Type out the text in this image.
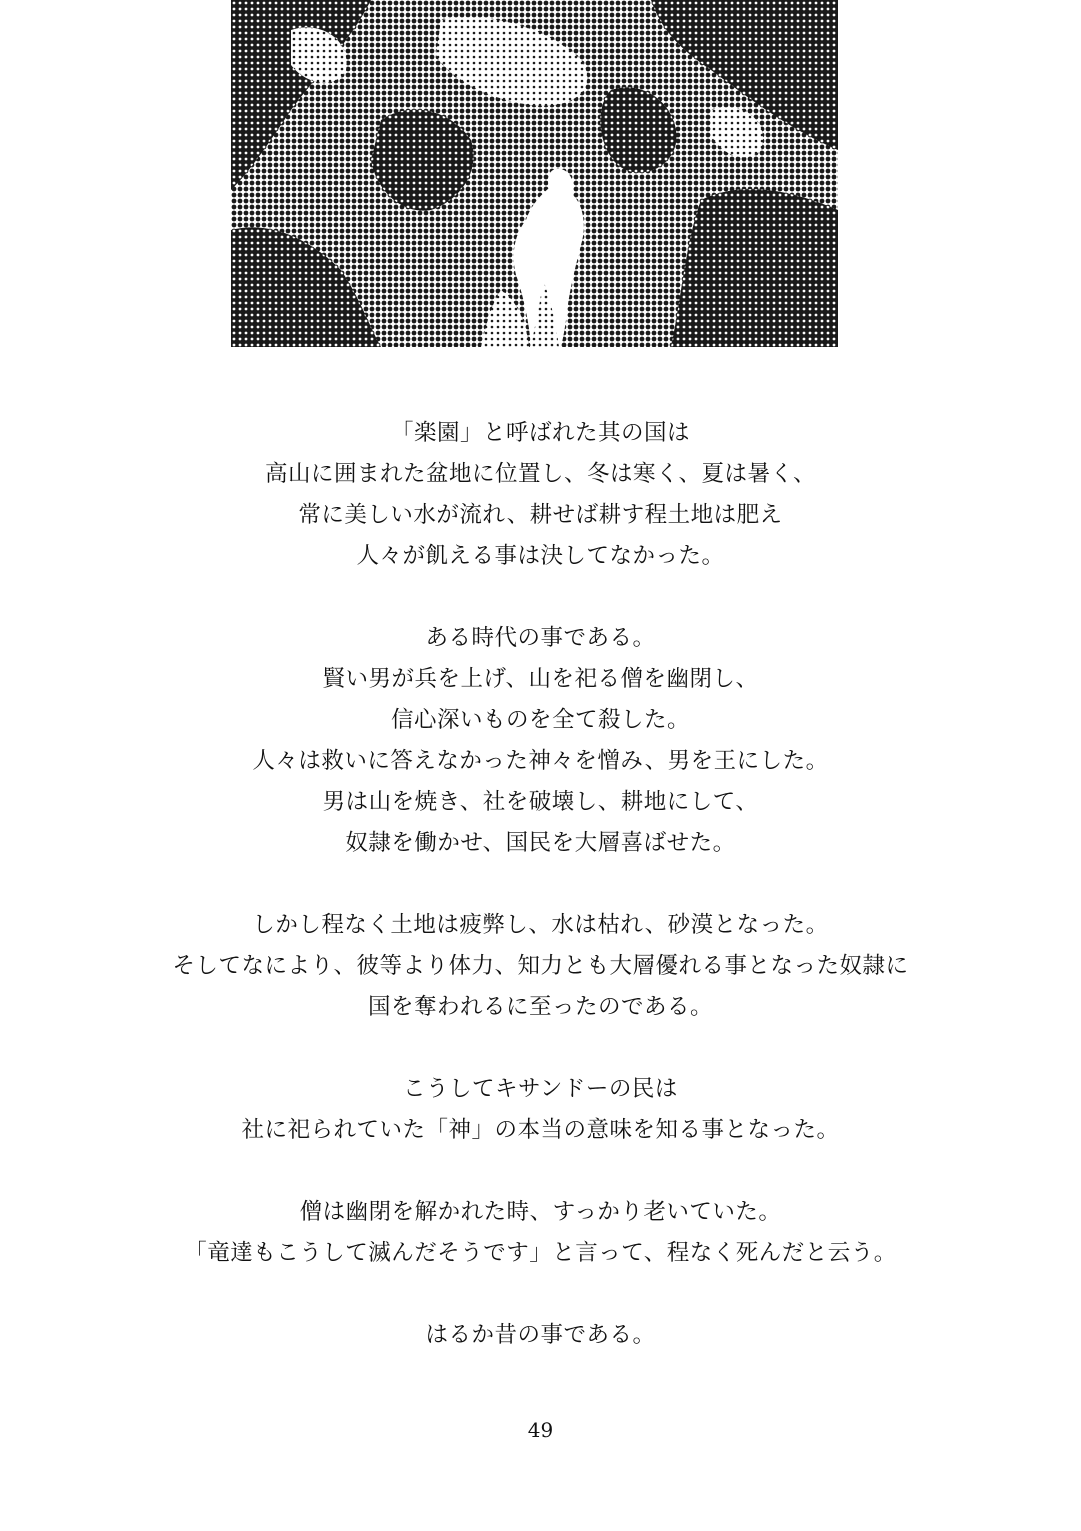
「楽園」と呼ばれた其の国は
高山に囲まれた盆地に位置し、冬は寒く、夏は暑く、
常に美しい水が流れ、耕せば耕す程土地は肥え
人々が飢える事は決してなかった。
ある時代の事である。
賢い男が兵を上げ、山を祀る僧を幽閉し、
信心深いものを全て殺した。
人々は救いに答えなかった神々を憎み、男を王にした。
男は山を焼き、社を破壊し、耕地にして、
奴隷を働かせ、国民を大層喜ばせた。
しかし程なく土地は疲弊し、水は枯れ、砂漠となった。
そしてなにより、彼等より体力、知力とも大層優れる事となった奴隷に
国を奪われるに至ったのである。
こうしてキサンドーの民は
社に祀られていた「神」の本当の意味を知る事となった。
僧は幽閉を解かれた時、すっかり老いていた。
「竜達もこうして滅んだそうです」と言って、程なく死んだと云う。
はるか昔の事である。
49
